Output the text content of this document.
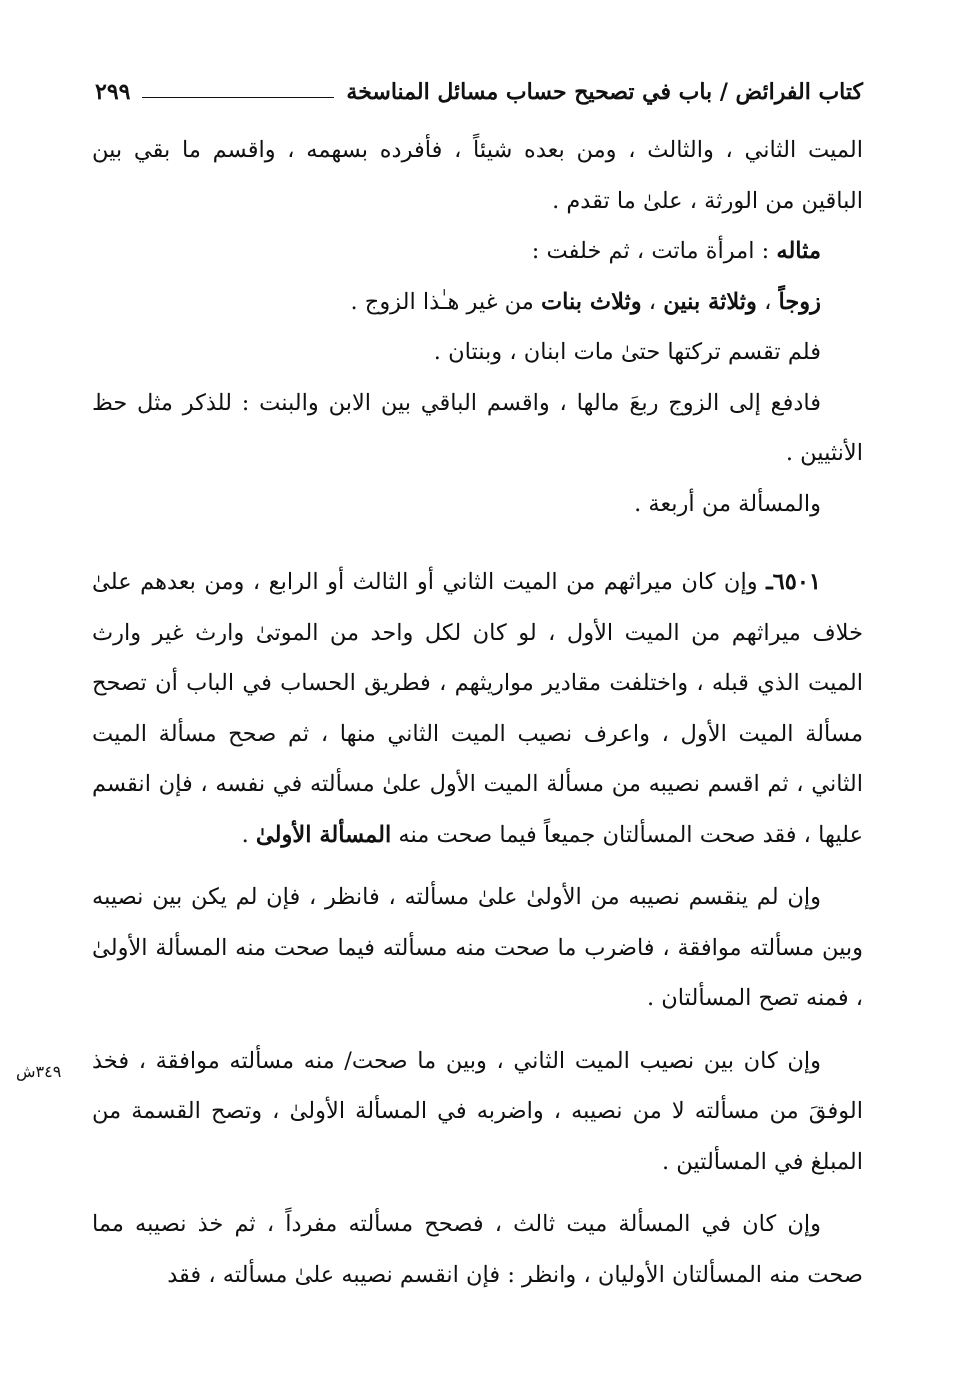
كتاب الفرائض / باب في تصحيح حساب مسائل المناسخة
٢٩٩
٣٤٩ش

الميت الثاني ، والثالث ، ومن بعده شيئاً ، فأفرده بسهمه ، واقسم ما بقي بين الباقين من الورثة ، علىٰ ما تقدم .

مثاله : امرأة ماتت ، ثم خلفت :

زوجاً ، وثلاثة بنين ، وثلاث بنات من غير هـٰذا الزوج .

فلم تقسم تركتها حتىٰ مات ابنان ، وبنتان .

فادفع إلى الزوج ربعَ مالها ، واقسم الباقي بين الابن والبنت : للذكر مثل حظ الأنثيين .

والمسألة من أربعة .

٦٥٠١ـ وإن كان ميراثهم من الميت الثاني أو الثالث أو الرابع ، ومن بعدهم علىٰ خلاف ميراثهم من الميت الأول ، لو كان لكل واحد من الموتىٰ وارث غير وارث الميت الذي قبله ، واختلفت مقادير مواريثهم ، فطريق الحساب في الباب أن تصحح مسألة الميت الأول ، واعرف نصيب الميت الثاني منها ، ثم صحح مسألة الميت الثاني ، ثم اقسم نصيبه من مسألة الميت الأول علىٰ مسألته في نفسه ، فإن انقسم عليها ، فقد صحت المسألتان جميعاً فيما صحت منه المسألة الأولىٰ .

وإن لم ينقسم نصيبه من الأولىٰ علىٰ مسألته ، فانظر ، فإن لم يكن بين نصيبه وبين مسألته موافقة ، فاضرب ما صحت منه مسألته فيما صحت منه المسألة الأولىٰ ، فمنه تصح المسألتان .

وإن كان بين نصيب الميت الثاني ، وبين ما صحت/ منه مسألته موافقة ، فخذ الوفقَ من مسألته لا من نصيبه ، واضربه في المسألة الأولىٰ ، وتصح القسمة من المبلغ في المسألتين .

وإن كان في المسألة ميت ثالث ، فصحح مسألته مفرداً ، ثم خذ نصيبه مما صحت منه المسألتان الأوليان ، وانظر : فإن انقسم نصيبه علىٰ مسألته ، فقد
